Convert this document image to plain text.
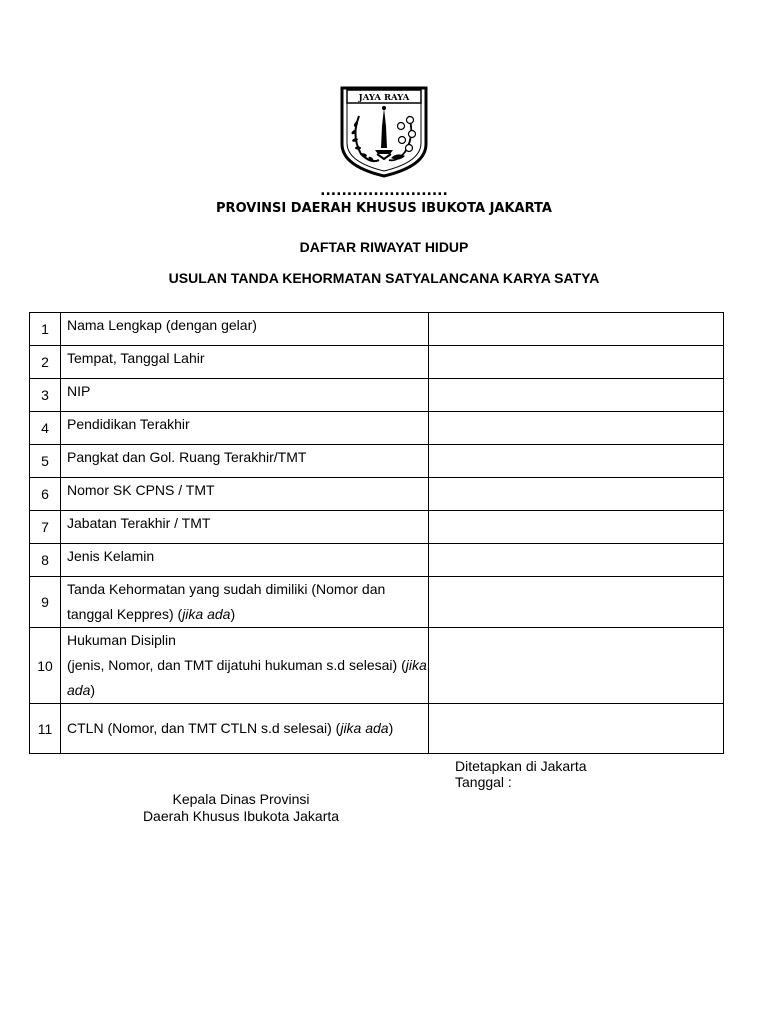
JAYA RAYA
........................
PROVINSI DAERAH KHUSUS IBUKOTA JAKARTA
DAFTAR RIWAYAT HIDUP
USULAN TANDA KEHORMATAN SATYALANCANA KARYA SATYA
1	Nama Lengkap (dengan gelar)	
2	Tempat, Tanggal Lahir	
3	NIP	
4	Pendidikan Terakhir	
5	Pangkat dan Gol. Ruang Terakhir/TMT	
6	Nomor SK CPNS / TMT	
7	Jabatan Terakhir / TMT	
8	Jenis Kelamin	
9	Tanda Kehormatan yang sudah dimiliki (Nomor dan tanggal Keppres) (jika ada)	
10	Hukuman Disiplin
(jenis, Nomor, dan TMT dijatuhi hukuman s.d selesai) (jika ada)	
11	CTLN (Nomor, dan TMT CTLN s.d selesai) (jika ada)	
Ditetapkan di Jakarta
Tanggal :
Kepala Dinas Provinsi
Daerah Khusus Ibukota Jakarta
